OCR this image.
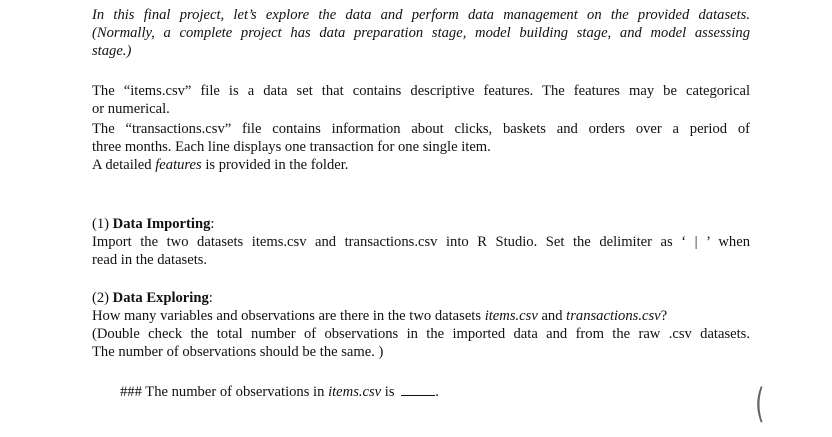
In this final project, let’s explore the data and perform data management on the provided datasets.
(Normally, a complete project has data preparation stage, model building stage, and model assessing
stage.)
The “items.csv” file is a data set that contains descriptive features. The features may be categorical
or numerical.
The “transactions.csv” file contains information about clicks, baskets and orders over a period of
three months. Each line displays one transaction for one single item.
A detailed features is provided in the folder.
(1) Data Importing:
Import the two datasets items.csv and transactions.csv into R Studio. Set the delimiter as ‘ | ’ when
read in the datasets.
(2) Data Exploring:
How many variables and observations are there in the two datasets items.csv and transactions.csv?
(Double check the total number of observations in the imported data and from the raw .csv datasets.
The number of observations should be the same. )
### The number of observations in items.csv is	.	(
